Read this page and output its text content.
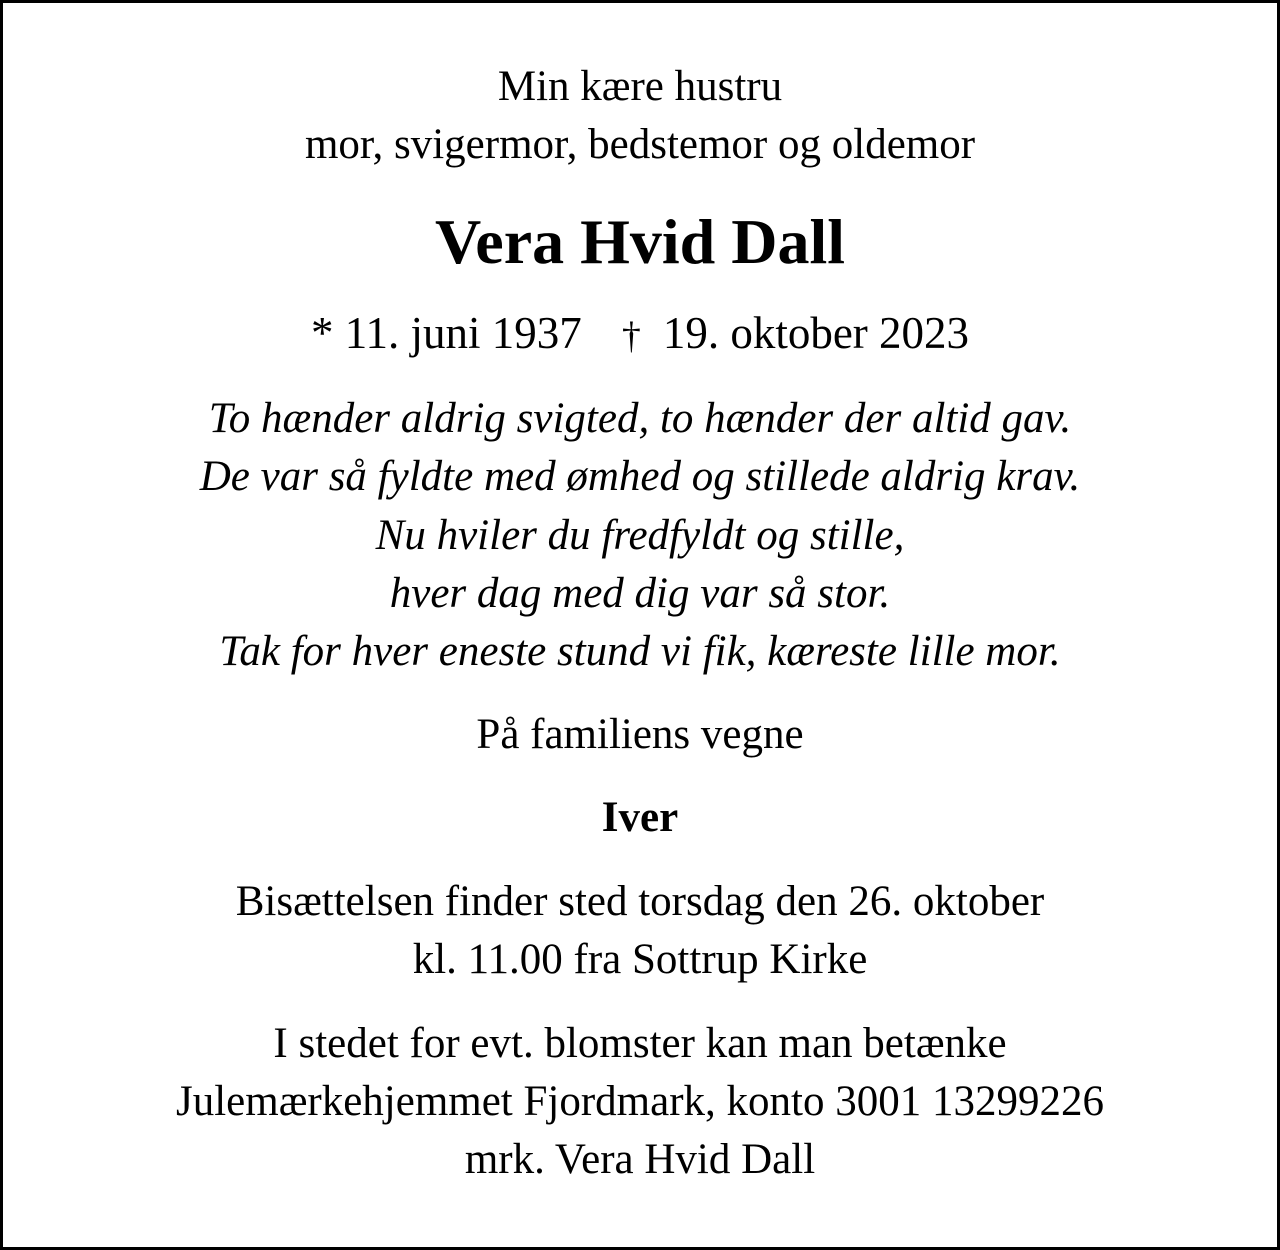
Min kære hustru
mor, svigermor, bedstemor og oldemor
Vera Hvid Dall
* 11. juni 1937 † 19. oktober 2023
To hænder aldrig svigted, to hænder der altid gav.
De var så fyldte med ømhed og stillede aldrig krav.
Nu hviler du fredfyldt og stille,
hver dag med dig var så stor.
Tak for hver eneste stund vi fik, kæreste lille mor.
På familiens vegne
Iver
Bisættelsen finder sted torsdag den 26. oktober
kl. 11.00 fra Sottrup Kirke
I stedet for evt. blomster kan man betænke
Julemærkehjemmet Fjordmark, konto 3001 13299226
mrk. Vera Hvid Dall
